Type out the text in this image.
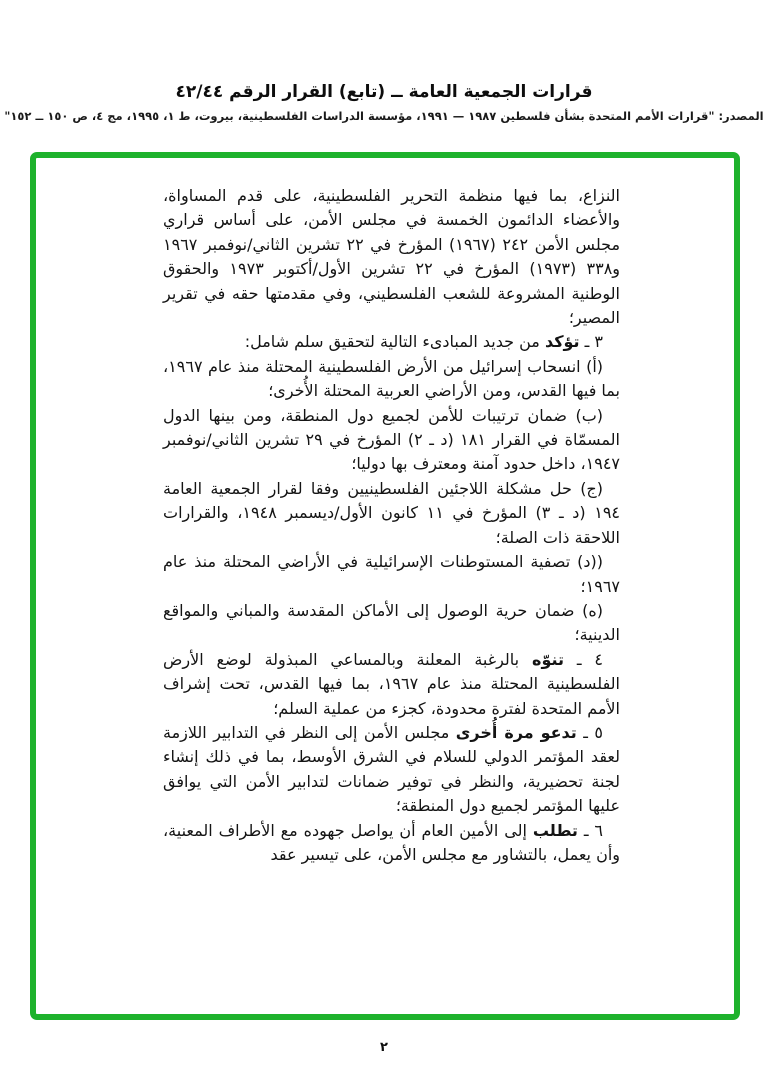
قرارات الجمعية العامة ــ (تابع) القرار الرقم ٤٢/٤٤
المصدر: "قرارات الأمم المتحدة بشأن فلسطين ١٩٨٧ — ١٩٩١، مؤسسة الدراسات الفلسطينية، بيروت، ط ١، ١٩٩٥، مج ٤، ص ١٥٠ ــ ١٥٢"

النزاع، بما فيها منظمة التحرير الفلسطينية، على قدم المساواة، والأعضاء الدائمون الخمسة في مجلس الأمن، على أساس قراري مجلس الأمن ٢٤٢ (١٩٦٧) المؤرخ في ٢٢ تشرين الثاني/نوفمبر ١٩٦٧ و٣٣٨ (١٩٧٣) المؤرخ في ٢٢ تشرين الأول/أكتوبر ١٩٧٣ والحقوق الوطنية المشروعة للشعب الفلسطيني، وفي مقدمتها حقه في تقرير المصير؛

٣ ـ تؤكد من جديد المبادىء التالية لتحقيق سلم شامل:

(أ) انسحاب إسرائيل من الأرض الفلسطينية المحتلة منذ عام ١٩٦٧، بما فيها القدس، ومن الأراضي العربية المحتلة الأُخرى؛

(ب) ضمان ترتيبات للأمن لجميع دول المنطقة، ومن بينها الدول المسمّاة في القرار ١٨١ (د ـ ٢) المؤرخ في ٢٩ تشرين الثاني/نوفمبر ١٩٤٧، داخل حدود آمنة ومعترف بها دوليا؛

(ج) حل مشكلة اللاجئين الفلسطينيين وفقا لقرار الجمعية العامة ١٩٤ (د ـ ٣) المؤرخ في ١١ كانون الأول/ديسمبر ١٩٤٨، والقرارات اللاحقة ذات الصلة؛

((د) تصفية المستوطنات الإسرائيلية في الأراضي المحتلة منذ عام ١٩٦٧؛

(ه) ضمان حرية الوصول إلى الأماكن المقدسة والمباني والمواقع الدينية؛

٤ ـ تنوّه بالرغبة المعلنة وبالمساعي المبذولة لوضع الأرض الفلسطينية المحتلة منذ عام ١٩٦٧، بما فيها القدس، تحت إشراف الأمم المتحدة لفترة محدودة، كجزء من عملية السلم؛

٥ ـ تدعو مرة أُخرى مجلس الأمن إلى النظر في التدابير اللازمة لعقد المؤتمر الدولي للسلام في الشرق الأوسط، بما في ذلك إنشاء لجنة تحضيرية، والنظر في توفير ضمانات لتدابير الأمن التي يوافق عليها المؤتمر لجميع دول المنطقة؛

٦ ـ تطلب إلى الأمين العام أن يواصل جهوده مع الأطراف المعنية، وأن يعمل، بالتشاور مع مجلس الأمن، على تيسير عقد

٢
